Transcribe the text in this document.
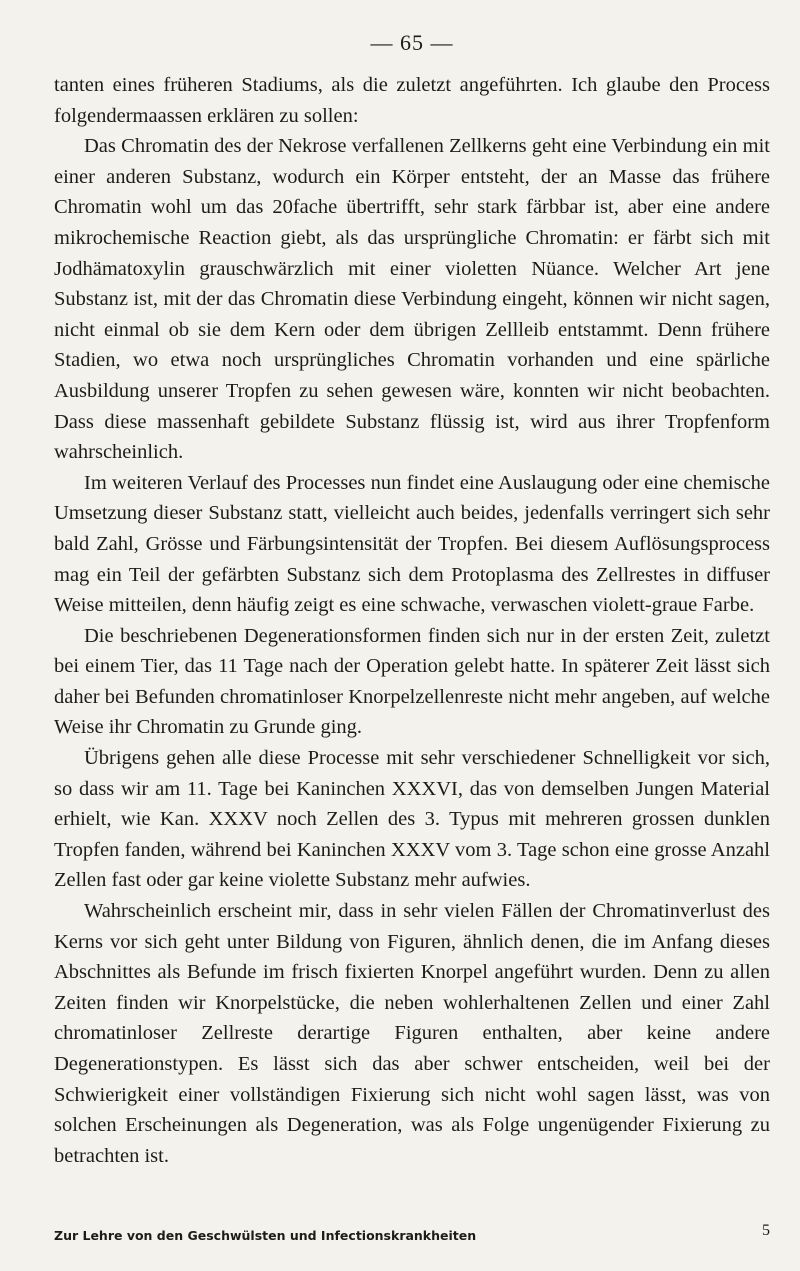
— 65 —

tanten eines früheren Stadiums, als die zuletzt angeführten. Ich glaube den Process folgendermaassen erklären zu sollen:

Das Chromatin des der Nekrose verfallenen Zellkerns geht eine Verbindung ein mit einer anderen Substanz, wodurch ein Körper entsteht, der an Masse das frühere Chromatin wohl um das 20fache übertrifft, sehr stark färbbar ist, aber eine andere mikrochemische Reaction giebt, als das ursprüngliche Chromatin: er färbt sich mit Jodhämatoxylin grauschwärzlich mit einer violetten Nüance. Welcher Art jene Substanz ist, mit der das Chromatin diese Verbindung eingeht, können wir nicht sagen, nicht einmal ob sie dem Kern oder dem übrigen Zellleib entstammt. Denn frühere Stadien, wo etwa noch ursprüngliches Chromatin vorhanden und eine spärliche Ausbildung unserer Tropfen zu sehen gewesen wäre, konnten wir nicht beobachten. Dass diese massenhaft gebildete Substanz flüssig ist, wird aus ihrer Tropfenform wahrscheinlich.

Im weiteren Verlauf des Processes nun findet eine Auslaugung oder eine chemische Umsetzung dieser Substanz statt, vielleicht auch beides, jedenfalls verringert sich sehr bald Zahl, Grösse und Färbungsintensität der Tropfen. Bei diesem Auflösungsprocess mag ein Teil der gefärbten Substanz sich dem Protoplasma des Zellrestes in diffuser Weise mitteilen, denn häufig zeigt es eine schwache, verwaschen violett-graue Farbe.

Die beschriebenen Degenerationsformen finden sich nur in der ersten Zeit, zuletzt bei einem Tier, das 11 Tage nach der Operation gelebt hatte. In späterer Zeit lässt sich daher bei Befunden chromatinloser Knorpelzellenreste nicht mehr angeben, auf welche Weise ihr Chromatin zu Grunde ging.

Übrigens gehen alle diese Processe mit sehr verschiedener Schnelligkeit vor sich, so dass wir am 11. Tage bei Kaninchen XXXVI, das von demselben Jungen Material erhielt, wie Kan. XXXV noch Zellen des 3. Typus mit mehreren grossen dunklen Tropfen fanden, während bei Kaninchen XXXV vom 3. Tage schon eine grosse Anzahl Zellen fast oder gar keine violette Substanz mehr aufwies.

Wahrscheinlich erscheint mir, dass in sehr vielen Fällen der Chromatinverlust des Kerns vor sich geht unter Bildung von Figuren, ähnlich denen, die im Anfang dieses Abschnittes als Befunde im frisch fixierten Knorpel angeführt wurden. Denn zu allen Zeiten finden wir Knorpelstücke, die neben wohlerhaltenen Zellen und einer Zahl chromatinloser Zellreste derartige Figuren enthalten, aber keine andere Degenerationstypen. Es lässt sich das aber schwer entscheiden, weil bei der Schwierigkeit einer vollständigen Fixierung sich nicht wohl sagen lässt, was von solchen Erscheinungen als Degeneration, was als Folge ungenügender Fixierung zu betrachten ist.

Zur Lehre von den Geschwülsten und Infectionskrankheiten	5
